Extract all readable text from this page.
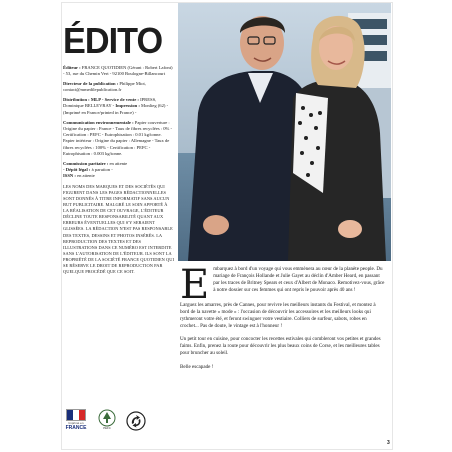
ÉDITO
Éditeur : FRANCE QUOTIDIEN (Gérant : Robert Lafont) - 53, rue du Chemin Vert - 92100 Boulogne-Billancourt
Directeur de la publication : Philippe Miot, contact@mmedilepublication.fr
Distribution : MLP - Service de vente : IPRESS, Dominique BELLEVRAY - Impression : Monlieg (62) - (Imprimé en France/printed in France) -
Communication environnementale : Papier couverture : Origine du papier : France - Taux de fibres recyclées : 0% - Certification : PEFC - Eutrophisation : 0.01 kg/tonne. Papier intérieur : Origine du papier : Allemagne - Taux de fibres recyclées : 100% - Certification : PEFC - Eutrophisation : 0.003 kg/tonne.
Commission paritaire : en attente
- Dépôt légal : à parution -
ISSN : en attente
LES NOMS DES MARQUES ET DES SOCIÉTÉS QUI FIGURENT DANS LES PAGES RÉDACTIONNELLES SONT DONNÉS À TITRE INFORMATIF SANS AUCUN BUT PUBLICITAIRE. MALGRÉ LE SOIN APPORTÉ À LA RÉALISATION DE CET OUVRAGE, L'ÉDITEUR DÉCLINE TOUTE RESPONSABILITÉ QUANT AUX ERREURS ÉVENTUELLES QUI S'Y SERAIENT GLISSÉES. LA RÉDACTION N'EST PAS RESPONSABLE DES TEXTES, DESSINS ET PHOTOS INSÉRÉS. LA REPRODUCTION DES TEXTES ET DES ILLUSTRATIONS DANS CE NUMÉRO EST INTERDITE SANS L'AUTORISATION DE L'ÉDITEUR. ILS SONT LA PROPRIÉTÉ DE LA SOCIÉTÉ FRANCE QUOTIDIEN QUI SE RÉSERVE LE DROIT DE REPRODUCTION PAR QUELQUE PROCÉDÉ QUE CE SOIT.
Imprimé en
FRANCE	PEFC

Embarquez à bord d'un voyage qui vous emmènera au cœur de la planète people. Du mariage de François Hollande et Julie Gayet au déclin d'Amber Heard, en passant par les traces de Britney Spears et ceux d'Albert de Monaco. Remotivez-vous, grâce à notre dossier sur ces femmes qui ont repris le pouvoir après 40 ans !

Larguez les amarres, près de Cannes, pour revivre les meilleurs instants du Festival, et montez à bord de la navette « mode » : l'occasion de découvrir les accessoires et les meilleurs looks qui rythmeront votre été, et feront swinguer votre vestiaire. Colliers de surfeur, sabots, robes en crochet... Pas de doute, le vintage est à l'honneur !

Un petit tour en cuisine, pour concocter les recettes estivales qui combleront vos petites et grandes faims. Enfin, prenez la route pour découvrir les plus beaux coins de Corse, et les meilleures tables pour bruncher au soleil.

Belle escapade !

3
